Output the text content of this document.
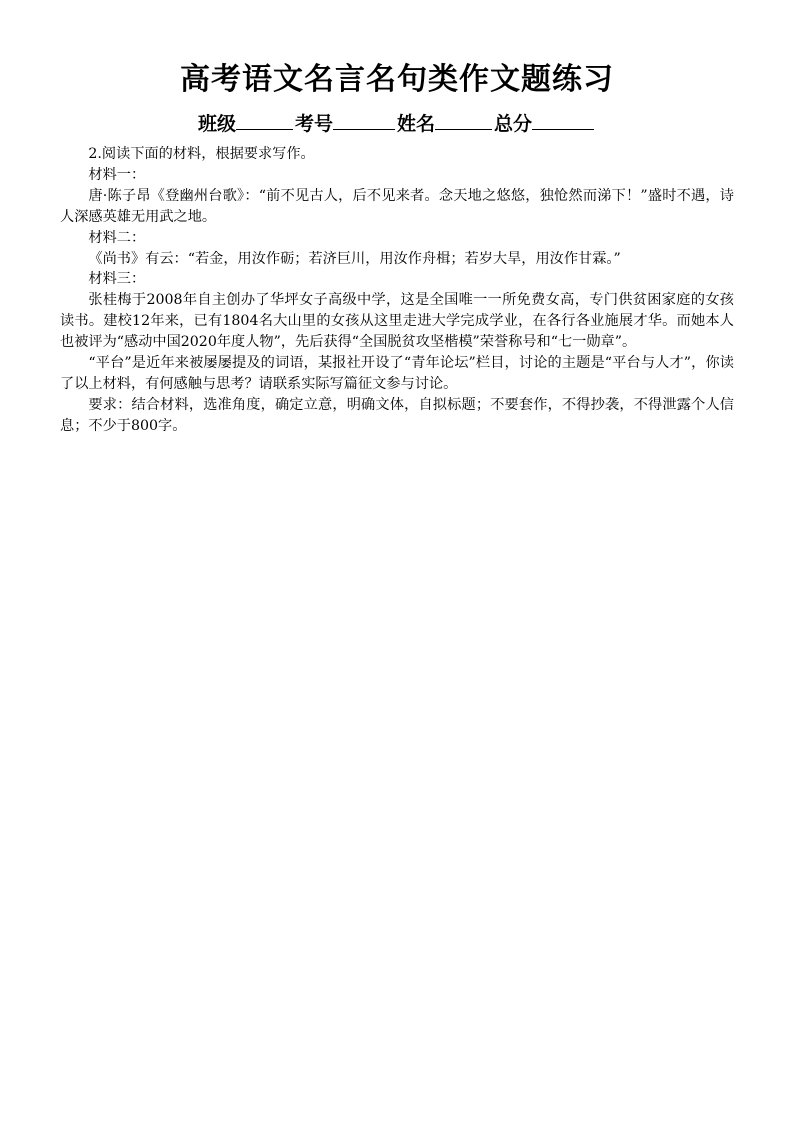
高考语文名言名句类作文题练习
班级	考号	姓名	总分

2.阅读下面的材料，根据要求写作。

材料一：

唐·陈子昂《登幽州台歌》：“前不见古人，后不见来者。念天地之悠悠，独怆然而涕下！”盛时不遇，诗人深感英雄无用武之地。

材料二：

《尚书》有云：“若金，用汝作砺；若济巨川，用汝作舟楫；若岁大旱，用汝作甘霖。”

材料三：

张桂梅于2008年自主创办了华坪女子高级中学，这是全国唯一一所免费女高，专门供贫困家庭的女孩读书。建校12年来，已有1804名大山里的女孩从这里走进大学完成学业，在各行各业施展才华。而她本人也被评为“感动中国2020年度人物”，先后获得“全国脱贫攻坚楷模”荣誉称号和“七一勋章”。

“平台”是近年来被屡屡提及的词语，某报社开设了“青年论坛”栏目，讨论的主题是“平台与人才”，你读了以上材料，有何感触与思考？请联系实际写篇征文参与讨论。

要求：结合材料，选准角度，确定立意，明确文体，自拟标题；不要套作，不得抄袭，不得泄露个人信息；不少于800字。
